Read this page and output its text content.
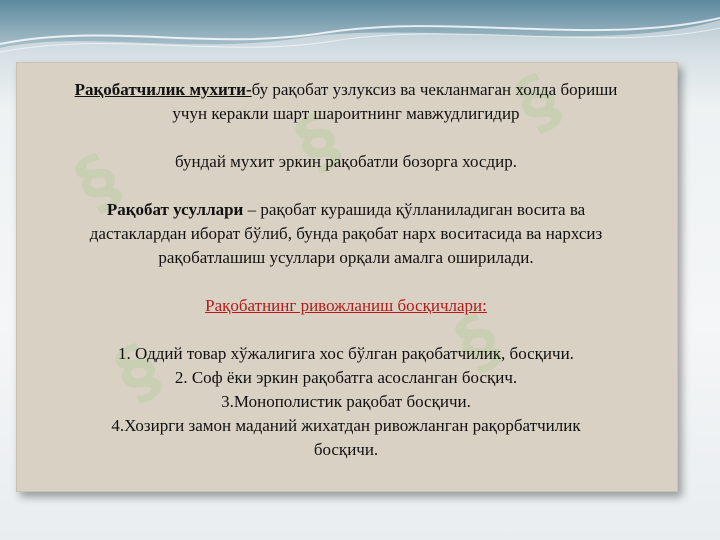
Рақобатчилик мухити-бу рақобат узлуксиз ва чекланмаган холда бориши

учун керакли шарт шароитнинг мавжудлигидир

бундай мухит эркин рақобатли бозорга хосдир.

Рақобат усуллари – рақобат курашида қўлланиладиган восита ва

дастаклардан иборат бўлиб, бунда рақобат нарх воситасида ва нархсиз

рақобатлашиш усуллари орқали амалга оширилади.

Рақобатнинг ривожланиш босқичлари:

1. Оддий товар хўжалигига хос бўлган рақобатчилик, босқичи.

2. Соф ёки эркин рақобатга асосланган босқич.

3.Монополистик рақобат босқичи.

4.Хозирги замон маданий жихатдан ривожланган рақорбатчилик

босқичи.
